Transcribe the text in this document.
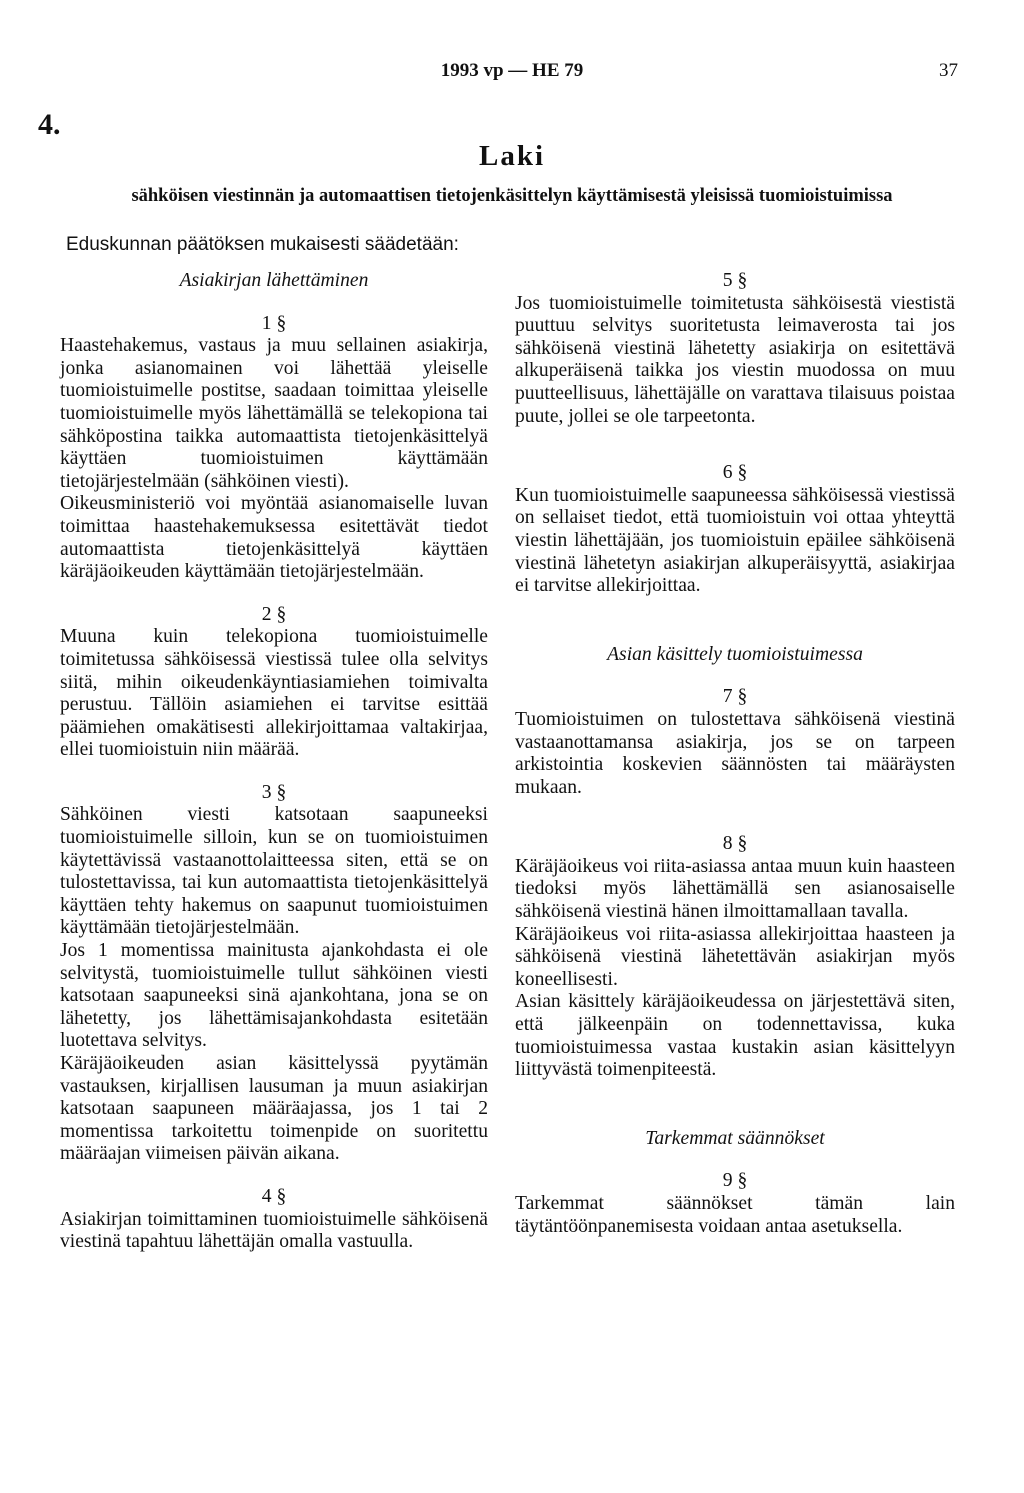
1993 vp — HE 79	37
4.
Laki
sähköisen viestinnän ja automaattisen tietojenkäsittelyn käyttämisestä yleisissä tuomioistuimissa
Eduskunnan päätöksen mukaisesti säädetään:

Asiakirjan lähettäminen

1 §

Haastehakemus, vastaus ja muu sellainen asiakirja, jonka asianomainen voi lähettää yleiselle tuomioistuimelle postitse, saadaan toimittaa yleiselle tuomioistuimelle myös lähettämällä se telekopiona tai sähköpostina taikka automaattista tietojenkäsittelyä käyttäen tuomioistuimen käyttämään tietojärjestelmään (sähköinen viesti).

Oikeusministeriö voi myöntää asianomaiselle luvan toimittaa haastehakemuksessa esitettävät tiedot automaattista tietojenkäsittelyä käyttäen käräjäoikeuden käyttämään tietojärjestelmään.

2 §

Muuna kuin telekopiona tuomioistuimelle toimitetussa sähköisessä viestissä tulee olla selvitys siitä, mihin oikeudenkäyntiasiamiehen toimivalta perustuu. Tällöin asiamiehen ei tarvitse esittää päämiehen omakätisesti allekirjoittamaa valtakirjaa, ellei tuomioistuin niin määrää.

3 §

Sähköinen viesti katsotaan saapuneeksi tuomioistuimelle silloin, kun se on tuomioistuimen käytettävissä vastaanottolaitteessa siten, että se on tulostettavissa, tai kun automaattista tietojenkäsittelyä käyttäen tehty hakemus on saapunut tuomioistuimen käyttämään tietojärjestelmään.

Jos 1 momentissa mainitusta ajankohdasta ei ole selvitystä, tuomioistuimelle tullut sähköinen viesti katsotaan saapuneeksi sinä ajankohtana, jona se on lähetetty, jos lähettämisajankohdasta esitetään luotettava selvitys.

Käräjäoikeuden asian käsittelyssä pyytämän vastauksen, kirjallisen lausuman ja muun asiakirjan katsotaan saapuneen määräajassa, jos 1 tai 2 momentissa tarkoitettu toimenpide on suoritettu määräajan viimeisen päivän aikana.

4 §

Asiakirjan toimittaminen tuomioistuimelle sähköisenä viestinä tapahtuu lähettäjän omalla vastuulla.

5 §

Jos tuomioistuimelle toimitetusta sähköisestä viestistä puuttuu selvitys suoritetusta leimaverosta tai jos sähköisenä viestinä lähetetty asiakirja on esitettävä alkuperäisenä taikka jos viestin muodossa on muu puutteellisuus, lähettäjälle on varattava tilaisuus poistaa puute, jollei se ole tarpeetonta.

6 §

Kun tuomioistuimelle saapuneessa sähköisessä viestissä on sellaiset tiedot, että tuomioistuin voi ottaa yhteyttä viestin lähettäjään, jos tuomioistuin epäilee sähköisenä viestinä lähetetyn asiakirjan alkuperäisyyttä, asiakirjaa ei tarvitse allekirjoittaa.

Asian käsittely tuomioistuimessa

7 §

Tuomioistuimen on tulostettava sähköisenä viestinä vastaanottamansa asiakirja, jos se on tarpeen arkistointia koskevien säännösten tai määräysten mukaan.

8 §

Käräjäoikeus voi riita-asiassa antaa muun kuin haasteen tiedoksi myös lähettämällä sen asianosaiselle sähköisenä viestinä hänen ilmoittamallaan tavalla.

Käräjäoikeus voi riita-asiassa allekirjoittaa haasteen ja sähköisenä viestinä lähetettävän asiakirjan myös koneellisesti.

Asian käsittely käräjäoikeudessa on järjestettävä siten, että jälkeenpäin on todennettavissa, kuka tuomioistuimessa vastaa kustakin asian käsittelyyn liittyvästä toimenpiteestä.

Tarkemmat säännökset

9 §

Tarkemmat säännökset tämän lain täytäntöönpanemisesta voidaan antaa asetuksella.
